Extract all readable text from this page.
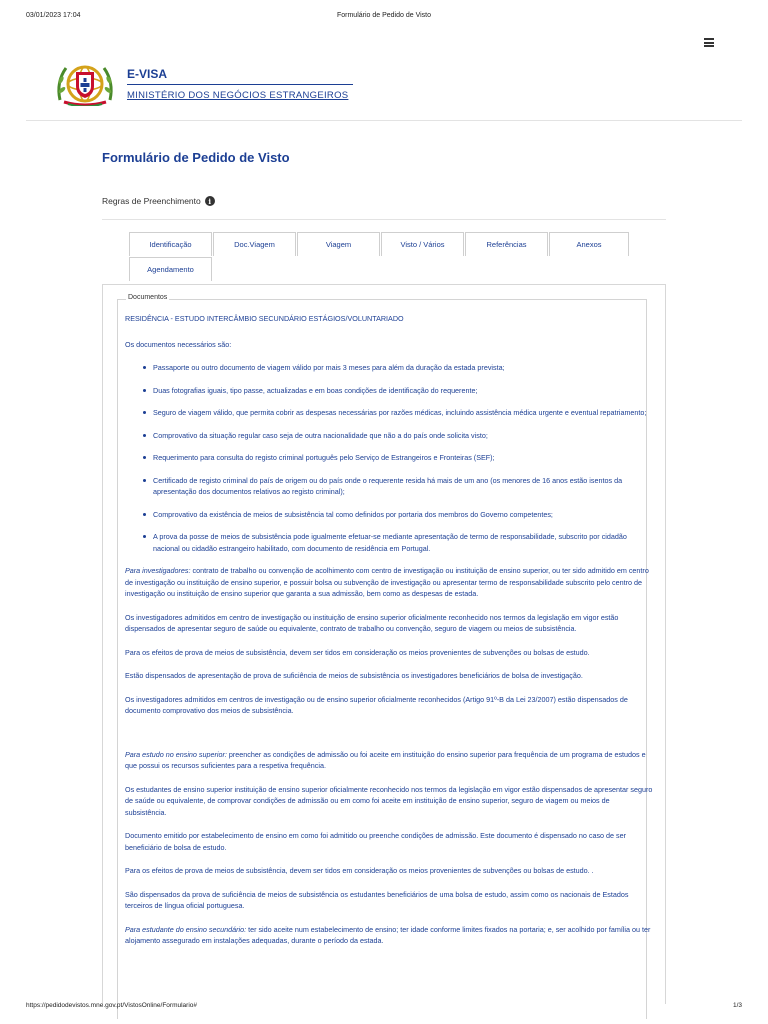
03/01/2023 17:04	Formulário de Pedido de Visto
E-VISA
MINISTÉRIO DOS NEGÓCIOS ESTRANGEIROS
Formulário de Pedido de Visto
Regras de Preenchimento	i
Identificação	Doc.Viagem	Viagem	Visto / Vários	Referências	Anexos
Agendamento
Documentos

RESIDÊNCIA - ESTUDO INTERCÂMBIO SECUNDÁRIO ESTÁGIOS/VOLUNTARIADO

Os documentos necessários são:

Passaporte ou outro documento de viagem válido por mais 3 meses para além da duração da estada prevista;
Duas fotografias iguais, tipo passe, actualizadas e em boas condições de identificação do requerente;
Seguro de viagem válido, que permita cobrir as despesas necessárias por razões médicas, incluindo assistência médica urgente e eventual repatriamento;
Comprovativo da situação regular caso seja de outra nacionalidade que não a do país onde solicita visto;
Requerimento para consulta do registo criminal português pelo Serviço de Estrangeiros e Fronteiras (SEF);
Certificado de registo criminal do país de origem ou do país onde o requerente resida há mais de um ano (os menores de 16 anos estão isentos da apresentação dos documentos relativos ao registo criminal);
Comprovativo da existência de meios de subsistência tal como definidos por portaria dos membros do Governo competentes;
A prova da posse de meios de subsistência pode igualmente efetuar-se mediante apresentação de termo de responsabilidade, subscrito por cidadão nacional ou cidadão estrangeiro habilitado, com documento de residência em Portugal.

Para investigadores: contrato de trabalho ou convenção de acolhimento com centro de investigação ou instituição de ensino superior, ou ter sido admitido em centro de investigação ou instituição de ensino superior, e possuir bolsa ou subvenção de investigação ou apresentar termo de responsabilidade subscrito pelo centro de investigação ou instituição de ensino superior que garanta a sua admissão, bem como as despesas de estada.

Os investigadores admitidos em centro de investigação ou instituição de ensino superior oficialmente reconhecido nos termos da legislação em vigor estão dispensados de apresentar seguro de saúde ou equivalente, contrato de trabalho ou convenção, seguro de viagem ou meios de subsistência.

Para os efeitos de prova de meios de subsistência, devem ser tidos em consideração os meios provenientes de subvenções ou bolsas de estudo.

Estão dispensados de apresentação de prova de suficiência de meios de subsistência os investigadores beneficiários de bolsa de investigação.

Os investigadores admitidos em centros de investigação ou de ensino superior oficialmente reconhecidos (Artigo 91º-B da Lei 23/2007) estão dispensados de documento comprovativo dos meios de subsistência.

Para estudo no ensino superior: preencher as condições de admissão ou foi aceite em instituição do ensino superior para frequência de um programa de estudos e que possui os recursos suficientes para a respetiva frequência.

Os estudantes de ensino superior instituição de ensino superior oficialmente reconhecido nos termos da legislação em vigor estão dispensados de apresentar seguro de saúde ou equivalente, de comprovar condições de admissão ou em como foi aceite em instituição de ensino superior, seguro de viagem ou meios de subsistência.

Documento emitido por estabelecimento de ensino em como foi admitido ou preenche condições de admissão. Este documento é dispensado no caso de ser beneficiário de bolsa de estudo.

Para os efeitos de prova de meios de subsistência, devem ser tidos em consideração os meios provenientes de subvenções ou bolsas de estudo. .

São dispensados da prova de suficiência de meios de subsistência os estudantes beneficiários de uma bolsa de estudo, assim como os nacionais de Estados terceiros de língua oficial portuguesa.

Para estudante do ensino secundário: ter sido aceite num estabelecimento de ensino; ter idade conforme limites fixados na portaria; e, ser acolhido por família ou ter alojamento assegurado em instalações adequadas, durante o período da estada.

https://pedidodevistos.mne.gov.pt/VistosOnline/Formulario#	1/3
